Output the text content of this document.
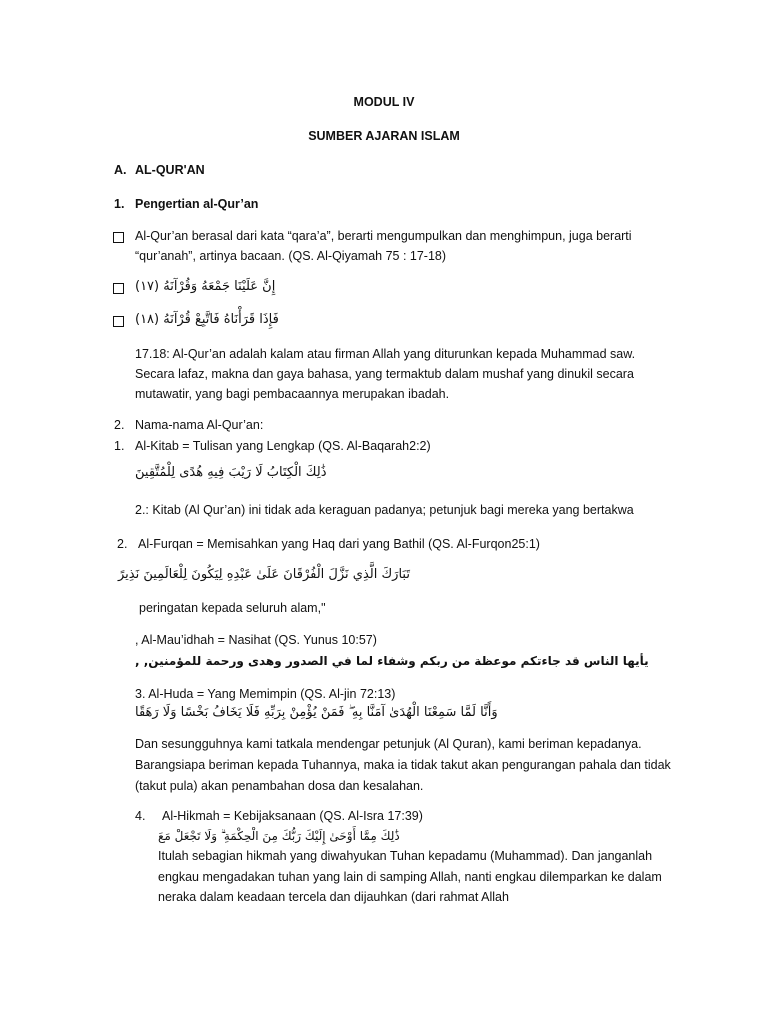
MODUL IV
SUMBER AJARAN ISLAM
A. AL-QUR'AN
1. Pengertian al-Qur’an
Al-Qur’an berasal dari kata “qara’a”, berarti mengumpulkan dan menghimpun, juga berarti
“qur’anah”, artinya bacaan. (QS. Al-Qiyamah 75 : 17-18)
إِنَّ عَلَيْنَا جَمْعَهُ وَقُرْآنَهُ (١٧)
فَإِذَا قَرَأْنَاهُ فَاتَّبِعْ قُرْآنَهُ (١٨)
17.18: Al-Qur’an adalah kalam atau firman Allah yang diturunkan kepada Muhammad saw.
Secara lafaz, makna dan gaya bahasa, yang termaktub dalam mushaf yang dinukil secara
mutawatir, yang bagi pembacaannya merupakan ibadah.
2. Nama-nama Al-Qur’an:
1. Al-Kitab = Tulisan yang Lengkap (QS. Al-Baqarah2:2)
ذَٰلِكَ الْكِتَابُ لَا رَيْبَ فِيهِ هُدًى لِلْمُتَّقِينَ
2.: Kitab (Al Qur’an) ini tidak ada keraguan padanya; petunjuk bagi mereka yang bertakwa
2. Al-Furqan = Memisahkan yang Haq dari yang Bathil (QS. Al-Furqon25:1)
تَبَارَكَ الَّذِي نَزَّلَ الْفُرْقَانَ عَلَىٰ عَبْدِهِ لِيَكُونَ لِلْعَالَمِينَ نَذِيرً
peringatan kepada seluruh alam,"
, Al-Mau’idhah = Nasihat (QS. Yunus 10:57)
يأيها الناس قد جاءتكم موعظة من ربكم وشفاء لما في الصدور وهدى ورحمة للمؤمنين, ,
3. Al-Huda = Yang Memimpin (QS. Al-jin 72:13)
وَأَنَّا لَمَّا سَمِعْنَا الْهُدَىٰ آمَنَّا بِهِ ۖ فَمَنْ يُؤْمِنْ بِرَبِّهِ فَلَا يَخَافُ بَخْسًا وَلَا رَهَقًا
Dan sesungguhnya kami tatkala mendengar petunjuk (Al Quran), kami beriman kepadanya.
Barangsiapa beriman kepada Tuhannya, maka ia tidak takut akan pengurangan pahala dan tidak
(takut pula) akan penambahan dosa dan kesalahan.
4. Al-Hikmah = Kebijaksanaan (QS. Al-Isra 17:39)
ذَٰلِكَ مِمَّا أَوْحَىٰ إِلَيْكَ رَبُّكَ مِنَ الْحِكْمَةِ ۗ وَلَا تَجْعَلْ مَعَ
Itulah sebagian hikmah yang diwahyukan Tuhan kepadamu (Muhammad). Dan janganlah
engkau mengadakan tuhan yang lain di samping Allah, nanti engkau dilemparkan ke dalam
neraka dalam keadaan tercela dan dijauhkan (dari rahmat Allah
